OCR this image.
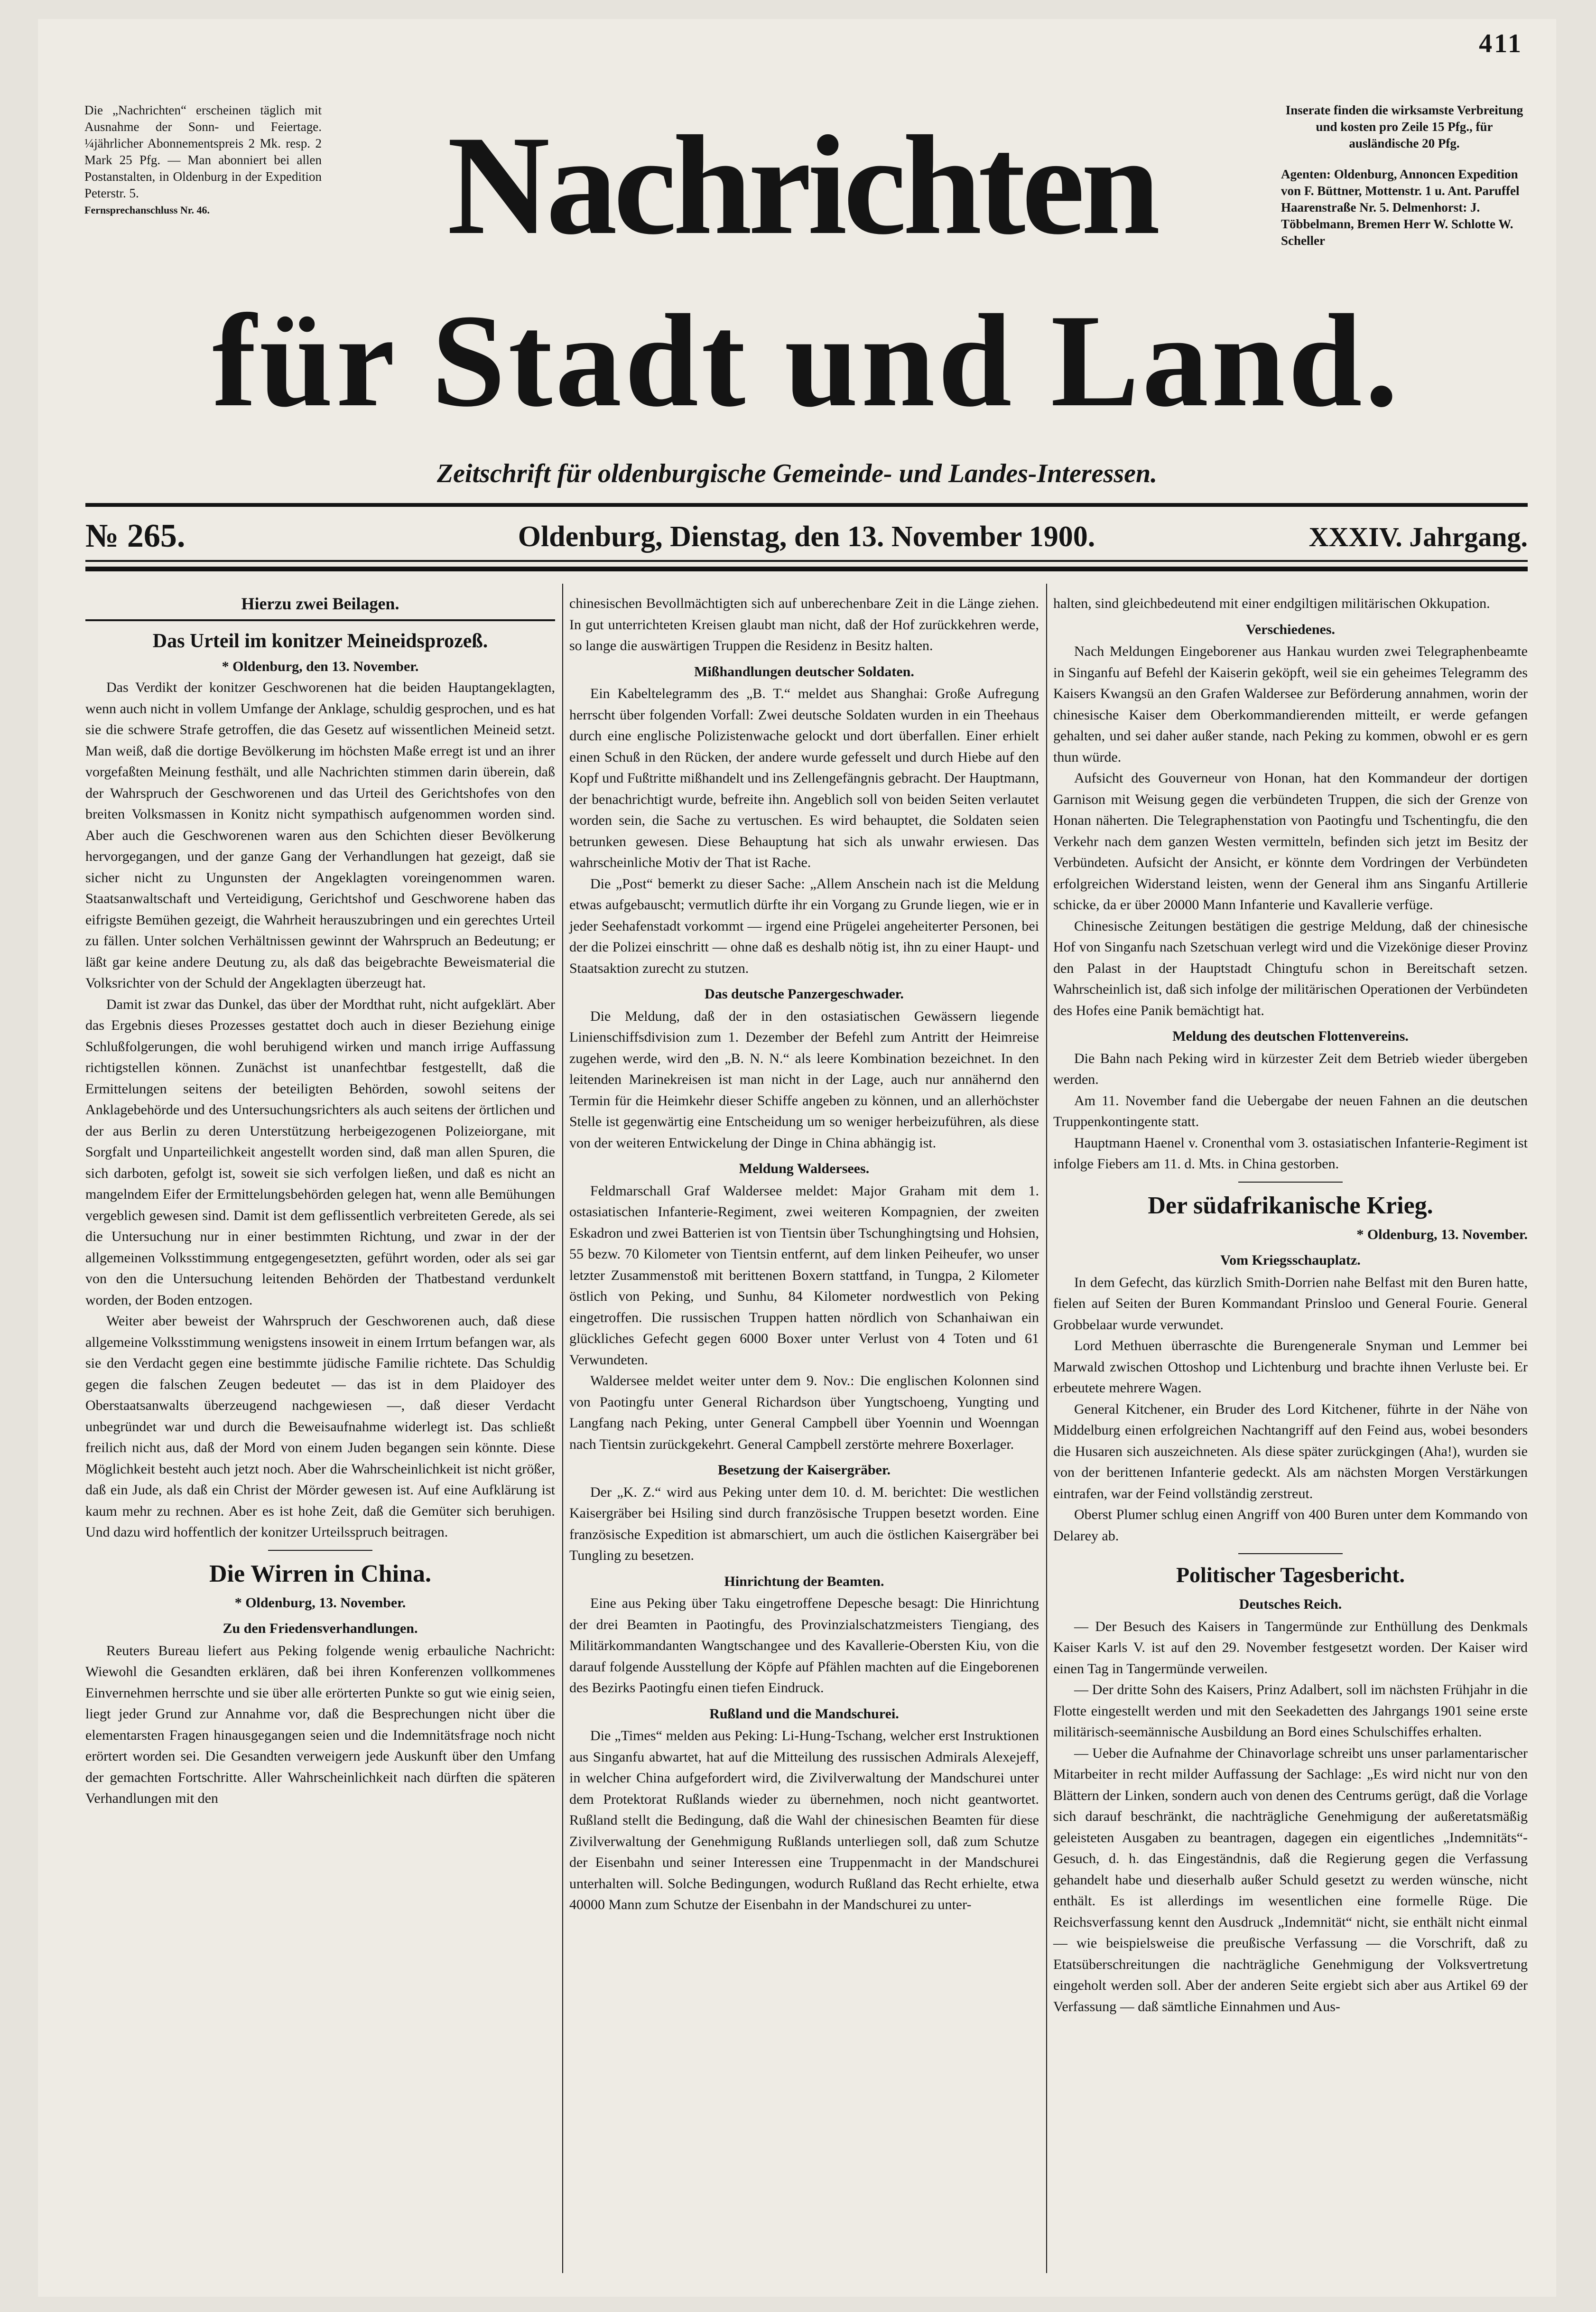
411

Die „Nachrichten“ erscheinen täglich mit Ausnahme der Sonn- und Feiertage. ¼jährlicher Abonnementspreis 2 Mk. resp. 2 Mark 25 Pfg. — Man abonniert bei allen Postanstalten, in Oldenburg in der Expedition Peterstr. 5.

Fernsprechanschluss Nr. 46.	Nachrichten
für Stadt und Land.

Inserate finden die wirksamste Verbreitung und kosten pro Zeile 15 Pfg., für ausländische 20 Pfg.

Agenten: Oldenburg, Annoncen Expedition von F. Büttner, Mottenstr. 1 u. Ant. Paruffel Haarenstraße Nr. 5. Delmenhorst: J. Többelmann, Bremen Herr W. Schlotte W. Scheller

Zeitschrift für oldenburgische Gemeinde- und Landes-Interessen.
№ 265.	Oldenburg, Dienstag, den 13. November 1900.	XXXIV. Jahrgang.
Hierzu zwei Beilagen.
Das Urteil im konitzer Meineidsprozeß.
* Oldenburg, den 13. November.

Das Verdikt der konitzer Geschworenen hat die beiden Hauptangeklagten, wenn auch nicht in vollem Umfange der Anklage, schuldig gesprochen, und es hat sie die schwere Strafe getroffen, die das Gesetz auf wissentlichen Meineid setzt. Man weiß, daß die dortige Bevölkerung im höchsten Maße erregt ist und an ihrer vorgefaßten Meinung festhält, und alle Nachrichten stimmen darin überein, daß der Wahrspruch der Geschworenen und das Urteil des Gerichtshofes von den breiten Volksmassen in Konitz nicht sympathisch aufgenommen worden sind. Aber auch die Geschworenen waren aus den Schichten dieser Bevölkerung hervorgegangen, und der ganze Gang der Verhandlungen hat gezeigt, daß sie sicher nicht zu Ungunsten der Angeklagten voreingenommen waren. Staatsanwaltschaft und Verteidigung, Gerichtshof und Geschworene haben das eifrigste Bemühen gezeigt, die Wahrheit herauszubringen und ein gerechtes Urteil zu fällen. Unter solchen Verhältnissen gewinnt der Wahrspruch an Bedeutung; er läßt gar keine andere Deutung zu, als daß das beigebrachte Beweismaterial die Volksrichter von der Schuld der Angeklagten überzeugt hat.

Damit ist zwar das Dunkel, das über der Mordthat ruht, nicht aufgeklärt. Aber das Ergebnis dieses Prozesses gestattet doch auch in dieser Beziehung einige Schlußfolgerungen, die wohl beruhigend wirken und manch irrige Auffassung richtigstellen können. Zunächst ist unanfechtbar festgestellt, daß die Ermittelungen seitens der beteiligten Behörden, sowohl seitens der Anklagebehörde und des Untersuchungsrichters als auch seitens der örtlichen und der aus Berlin zu deren Unterstützung herbeigezogenen Polizeiorgane, mit Sorgfalt und Unparteilichkeit angestellt worden sind, daß man allen Spuren, die sich darboten, gefolgt ist, soweit sie sich verfolgen ließen, und daß es nicht an mangelndem Eifer der Ermittelungsbehörden gelegen hat, wenn alle Bemühungen vergeblich gewesen sind. Damit ist dem geflissentlich verbreiteten Gerede, als sei die Untersuchung nur in einer bestimmten Richtung, und zwar in der der allgemeinen Volksstimmung entgegengesetzten, geführt worden, oder als sei gar von den die Untersuchung leitenden Behörden der Thatbestand verdunkelt worden, der Boden entzogen.

Weiter aber beweist der Wahrspruch der Geschworenen auch, daß diese allgemeine Volksstimmung wenigstens insoweit in einem Irrtum befangen war, als sie den Verdacht gegen eine bestimmte jüdische Familie richtete. Das Schuldig gegen die falschen Zeugen bedeutet — das ist in dem Plaidoyer des Oberstaatsanwalts überzeugend nachgewiesen —, daß dieser Verdacht unbegründet war und durch die Beweisaufnahme widerlegt ist. Das schließt freilich nicht aus, daß der Mord von einem Juden begangen sein könnte. Diese Möglichkeit besteht auch jetzt noch. Aber die Wahrscheinlichkeit ist nicht größer, daß ein Jude, als daß ein Christ der Mörder gewesen ist. Auf eine Aufklärung ist kaum mehr zu rechnen. Aber es ist hohe Zeit, daß die Gemüter sich beruhigen. Und dazu wird hoffentlich der konitzer Urteilsspruch beitragen.

Die Wirren in China.
* Oldenburg, 13. November.
Zu den Friedensverhandlungen.

Reuters Bureau liefert aus Peking folgende wenig erbauliche Nachricht: Wiewohl die Gesandten erklären, daß bei ihren Konferenzen vollkommenes Einvernehmen herrschte und sie über alle erörterten Punkte so gut wie einig seien, liegt jeder Grund zur Annahme vor, daß die Besprechungen nicht über die elementarsten Fragen hinausgegangen seien und die Indemnitätsfrage noch nicht erörtert worden sei. Die Gesandten verweigern jede Auskunft über den Umfang der gemachten Fortschritte. Aller Wahrscheinlichkeit nach dürften die späteren Verhandlungen mit den

chinesischen Bevollmächtigten sich auf unberechenbare Zeit in die Länge ziehen. In gut unterrichteten Kreisen glaubt man nicht, daß der Hof zurückkehren werde, so lange die auswärtigen Truppen die Residenz in Besitz halten.

Mißhandlungen deutscher Soldaten.

Ein Kabeltelegramm des „B. T.“ meldet aus Shanghai: Große Aufregung herrscht über folgenden Vorfall: Zwei deutsche Soldaten wurden in ein Theehaus durch eine englische Polizistenwache gelockt und dort überfallen. Einer erhielt einen Schuß in den Rücken, der andere wurde gefesselt und durch Hiebe auf den Kopf und Fußtritte mißhandelt und ins Zellengefängnis gebracht. Der Hauptmann, der benachrichtigt wurde, befreite ihn. Angeblich soll von beiden Seiten verlautet worden sein, die Sache zu vertuschen. Es wird behauptet, die Soldaten seien betrunken gewesen. Diese Behauptung hat sich als unwahr erwiesen. Das wahrscheinliche Motiv der That ist Rache.

Die „Post“ bemerkt zu dieser Sache: „Allem Anschein nach ist die Meldung etwas aufgebauscht; vermutlich dürfte ihr ein Vorgang zu Grunde liegen, wie er in jeder Seehafenstadt vorkommt — irgend eine Prügelei angeheiterter Personen, bei der die Polizei einschritt — ohne daß es deshalb nötig ist, ihn zu einer Haupt- und Staatsaktion zurecht zu stutzen.

Das deutsche Panzergeschwader.

Die Meldung, daß der in den ostasiatischen Gewässern liegende Linienschiffsdivision zum 1. Dezember der Befehl zum Antritt der Heimreise zugehen werde, wird den „B. N. N.“ als leere Kombination bezeichnet. In den leitenden Marinekreisen ist man nicht in der Lage, auch nur annähernd den Termin für die Heimkehr dieser Schiffe angeben zu können, und an allerhöchster Stelle ist gegenwärtig eine Entscheidung um so weniger herbeizuführen, als diese von der weiteren Entwickelung der Dinge in China abhängig ist.

Meldung Waldersees.

Feldmarschall Graf Waldersee meldet: Major Graham mit dem 1. ostasiatischen Infanterie-Regiment, zwei weiteren Kompagnien, der zweiten Eskadron und zwei Batterien ist von Tientsin über Tschunghingtsing und Hohsien, 55 bezw. 70 Kilometer von Tientsin entfernt, auf dem linken Peiheufer, wo unser letzter Zusammenstoß mit berittenen Boxern stattfand, in Tungpa, 2 Kilometer östlich von Peking, und Sunhu, 84 Kilometer nordwestlich von Peking eingetroffen. Die russischen Truppen hatten nördlich von Schanhaiwan ein glückliches Gefecht gegen 6000 Boxer unter Verlust von 4 Toten und 61 Verwundeten.

Waldersee meldet weiter unter dem 9. Nov.: Die englischen Kolonnen sind von Paotingfu unter General Richardson über Yungtschoeng, Yungting und Langfang nach Peking, unter General Campbell über Yoennin und Woenngan nach Tientsin zurückgekehrt. General Campbell zerstörte mehrere Boxerlager.

Besetzung der Kaisergräber.

Der „K. Z.“ wird aus Peking unter dem 10. d. M. berichtet: Die westlichen Kaisergräber bei Hsiling sind durch französische Truppen besetzt worden. Eine französische Expedition ist abmarschiert, um auch die östlichen Kaisergräber bei Tungling zu besetzen.

Hinrichtung der Beamten.

Eine aus Peking über Taku eingetroffene Depesche besagt: Die Hinrichtung der drei Beamten in Paotingfu, des Provinzialschatzmeisters Tiengiang, des Militärkommandanten Wangtschangee und des Kavallerie-Obersten Kiu, von die darauf folgende Ausstellung der Köpfe auf Pfählen machten auf die Eingeborenen des Bezirks Paotingfu einen tiefen Eindruck.

Rußland und die Mandschurei.

Die „Times“ melden aus Peking: Li-Hung-Tschang, welcher erst Instruktionen aus Singanfu abwartet, hat auf die Mitteilung des russischen Admirals Alexejeff, in welcher China aufgefordert wird, die Zivilverwaltung der Mandschurei unter dem Protektorat Rußlands wieder zu übernehmen, noch nicht geantwortet. Rußland stellt die Bedingung, daß die Wahl der chinesischen Beamten für diese Zivilverwaltung der Genehmigung Rußlands unterliegen soll, daß zum Schutze der Eisenbahn und seiner Interessen eine Truppenmacht in der Mandschurei unterhalten will. Solche Bedingungen, wodurch Rußland das Recht erhielte, etwa 40000 Mann zum Schutze der Eisenbahn in der Mandschurei zu unter-

halten, sind gleichbedeutend mit einer endgiltigen militärischen Okkupation.

Verschiedenes.

Nach Meldungen Eingeborener aus Hankau wurden zwei Telegraphenbeamte in Singanfu auf Befehl der Kaiserin geköpft, weil sie ein geheimes Telegramm des Kaisers Kwangsü an den Grafen Waldersee zur Beförderung annahmen, worin der chinesische Kaiser dem Oberkommandierenden mitteilt, er werde gefangen gehalten, und sei daher außer stande, nach Peking zu kommen, obwohl er es gern thun würde.

Aufsicht des Gouverneur von Honan, hat den Kommandeur der dortigen Garnison mit Weisung gegen die verbündeten Truppen, die sich der Grenze von Honan näherten. Die Telegraphenstation von Paotingfu und Tschentingfu, die den Verkehr nach dem ganzen Westen vermitteln, befinden sich jetzt im Besitz der Verbündeten. Aufsicht der Ansicht, er könnte dem Vordringen der Verbündeten erfolgreichen Widerstand leisten, wenn der General ihm ans Singanfu Artillerie schicke, da er über 20000 Mann Infanterie und Kavallerie verfüge.

Chinesische Zeitungen bestätigen die gestrige Meldung, daß der chinesische Hof von Singanfu nach Szetschuan verlegt wird und die Vizekönige dieser Provinz den Palast in der Hauptstadt Chingtufu schon in Bereitschaft setzen. Wahrscheinlich ist, daß sich infolge der militärischen Operationen der Verbündeten des Hofes eine Panik bemächtigt hat.

Meldung des deutschen Flottenvereins.

Die Bahn nach Peking wird in kürzester Zeit dem Betrieb wieder übergeben werden.

Am 11. November fand die Uebergabe der neuen Fahnen an die deutschen Truppenkontingente statt.

Hauptmann Haenel v. Cronenthal vom 3. ostasiatischen Infanterie-Regiment ist infolge Fiebers am 11. d. Mts. in China gestorben.

Der südafrikanische Krieg.
* Oldenburg, 13. November.
Vom Kriegsschauplatz.

In dem Gefecht, das kürzlich Smith-Dorrien nahe Belfast mit den Buren hatte, fielen auf Seiten der Buren Kommandant Prinsloo und General Fourie. General Grobbelaar wurde verwundet.

Lord Methuen überraschte die Burengenerale Snyman und Lemmer bei Marwald zwischen Ottoshop und Lichtenburg und brachte ihnen Verluste bei. Er erbeutete mehrere Wagen.

General Kitchener, ein Bruder des Lord Kitchener, führte in der Nähe von Middelburg einen erfolgreichen Nachtangriff auf den Feind aus, wobei besonders die Husaren sich auszeichneten. Als diese später zurückgingen (Aha!), wurden sie von der berittenen Infanterie gedeckt. Als am nächsten Morgen Verstärkungen eintrafen, war der Feind vollständig zerstreut.

Oberst Plumer schlug einen Angriff von 400 Buren unter dem Kommando von Delarey ab.

Politischer Tagesbericht.
Deutsches Reich.

— Der Besuch des Kaisers in Tangermünde zur Enthüllung des Denkmals Kaiser Karls V. ist auf den 29. November festgesetzt worden. Der Kaiser wird einen Tag in Tangermünde verweilen.

— Der dritte Sohn des Kaisers, Prinz Adalbert, soll im nächsten Frühjahr in die Flotte eingestellt werden und mit den Seekadetten des Jahrgangs 1901 seine erste militärisch-seemännische Ausbildung an Bord eines Schulschiffes erhalten.

— Ueber die Aufnahme der Chinavorlage schreibt uns unser parlamentarischer Mitarbeiter in recht milder Auffassung der Sachlage: „Es wird nicht nur von den Blättern der Linken, sondern auch von denen des Centrums gerügt, daß die Vorlage sich darauf beschränkt, die nachträgliche Genehmigung der außeretatsmäßig geleisteten Ausgaben zu beantragen, dagegen ein eigentliches „Indemnitäts“-Gesuch, d. h. das Eingeständnis, daß die Regierung gegen die Verfassung gehandelt habe und dieserhalb außer Schuld gesetzt zu werden wünsche, nicht enthält. Es ist allerdings im wesentlichen eine formelle Rüge. Die Reichsverfassung kennt den Ausdruck „Indemnität“ nicht, sie enthält nicht einmal — wie beispielsweise die preußische Verfassung — die Vorschrift, daß zu Etatsüberschreitungen die nachträgliche Genehmigung der Volksvertretung eingeholt werden soll. Aber der anderen Seite ergiebt sich aber aus Artikel 69 der Verfassung — daß sämtliche Einnahmen und Aus-
